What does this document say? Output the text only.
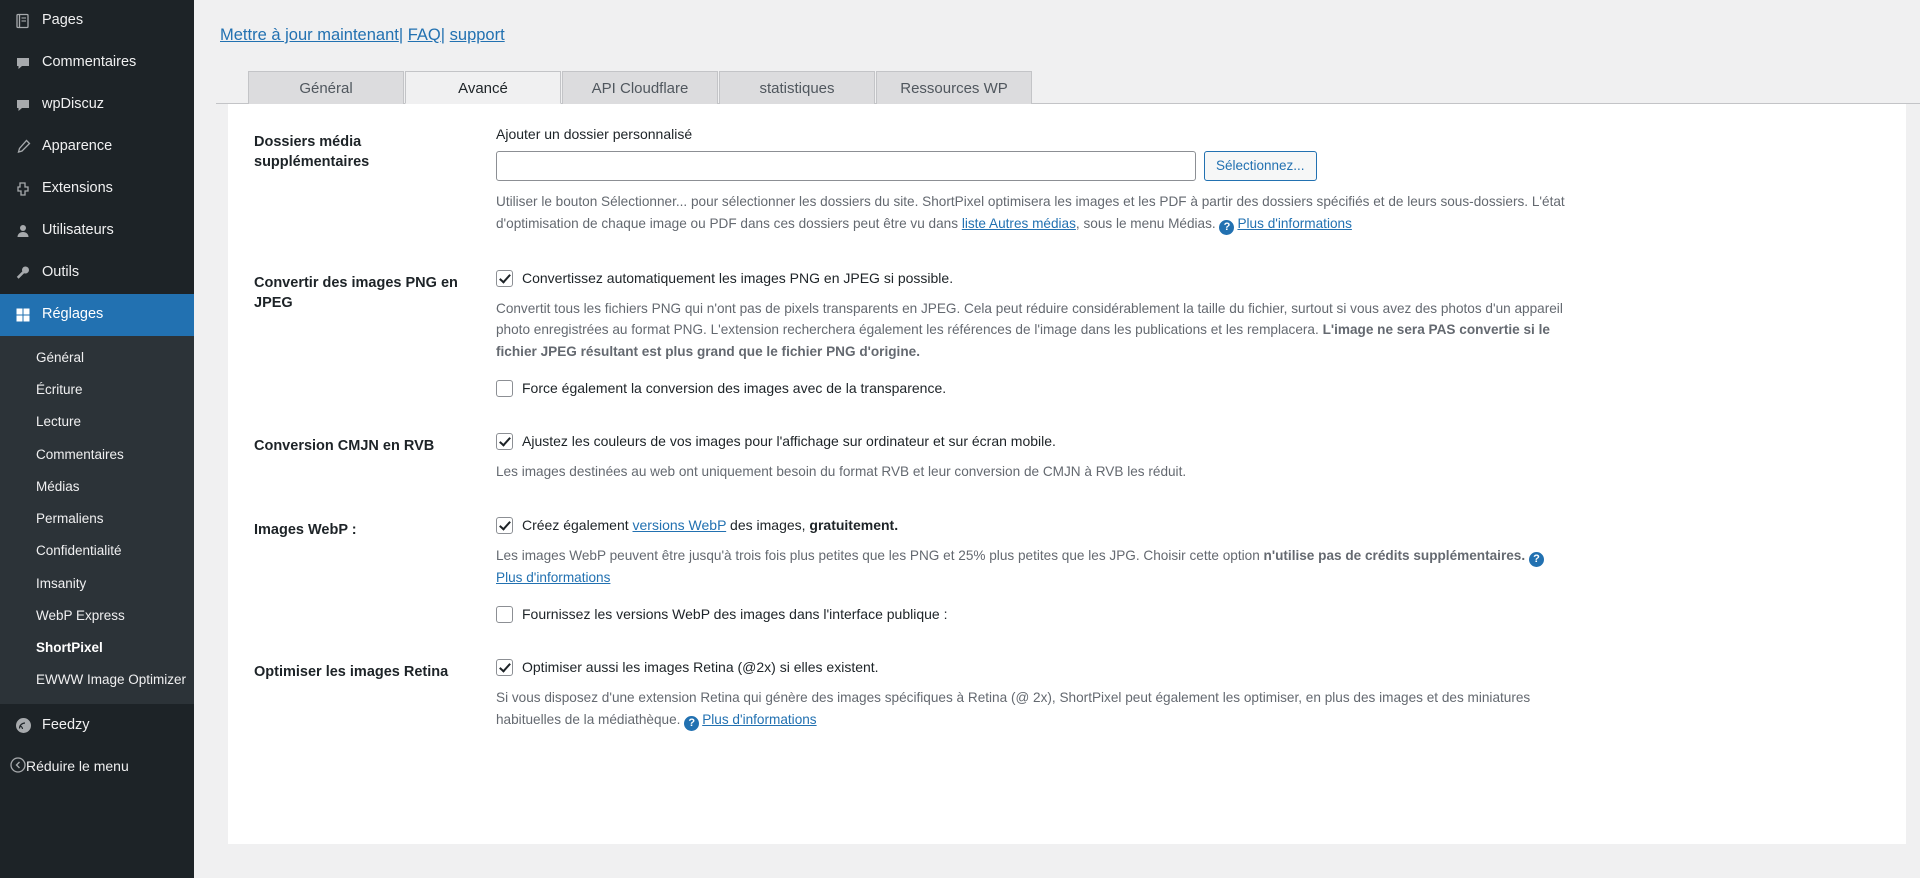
Pages
Commentaires
wpDiscuz
Apparence
Extensions
Utilisateurs
Outils
Réglages
Général
Écriture
Lecture
Commentaires
Médias
Permaliens
Confidentialité
Imsanity
WebP Express
ShortPixel
EWWW Image Optimizer
Feedzy
Réduire le menu
Mettre à jour maintenant| FAQ| support
Général	Avancé	API Cloudflare	statistiques	Ressources WP
Dossiers média supplémentaires
Ajouter un dossier personnalisé
Sélectionnez...
Utiliser le bouton Sélectionner... pour sélectionner les dossiers du site. ShortPixel optimisera les images et les PDF à partir des dossiers spécifiés et de leurs sous-dossiers. L'état d'optimisation de chaque image ou PDF dans ces dossiers peut être vu dans liste Autres médias, sous le menu Médias. ? Plus d'informations
Convertir des images PNG en JPEG
Convertissez automatiquement les images PNG en JPEG si possible.
Convertit tous les fichiers PNG qui n'ont pas de pixels transparents en JPEG. Cela peut réduire considérablement la taille du fichier, surtout si vous avez des photos d'un appareil photo enregistrées au format PNG. L'extension recherchera également les références de l'image dans les publications et les remplacera. L'image ne sera PAS convertie si le fichier JPEG résultant est plus grand que le fichier PNG d'origine.
Force également la conversion des images avec de la transparence.
Conversion CMJN en RVB	Ajustez les couleurs de vos images pour l'affichage sur ordinateur et sur écran mobile.
Les images destinées au web ont uniquement besoin du format RVB et leur conversion de CMJN à RVB les réduit.
Images WebP :	Créez également versions WebP des images, gratuitement.
Les images WebP peuvent être jusqu'à trois fois plus petites que les PNG et 25% plus petites que les JPG. Choisir cette option n'utilise pas de crédits supplémentaires. ?Plus d'informations
Fournissez les versions WebP des images dans l'interface publique :
Optimiser les images Retina	Optimiser aussi les images Retina (@2x) si elles existent.
Si vous disposez d'une extension Retina qui génère des images spécifiques à Retina (@ 2x), ShortPixel peut également les optimiser, en plus des images et des miniatures habituelles de la médiathèque. ? Plus d'informations
